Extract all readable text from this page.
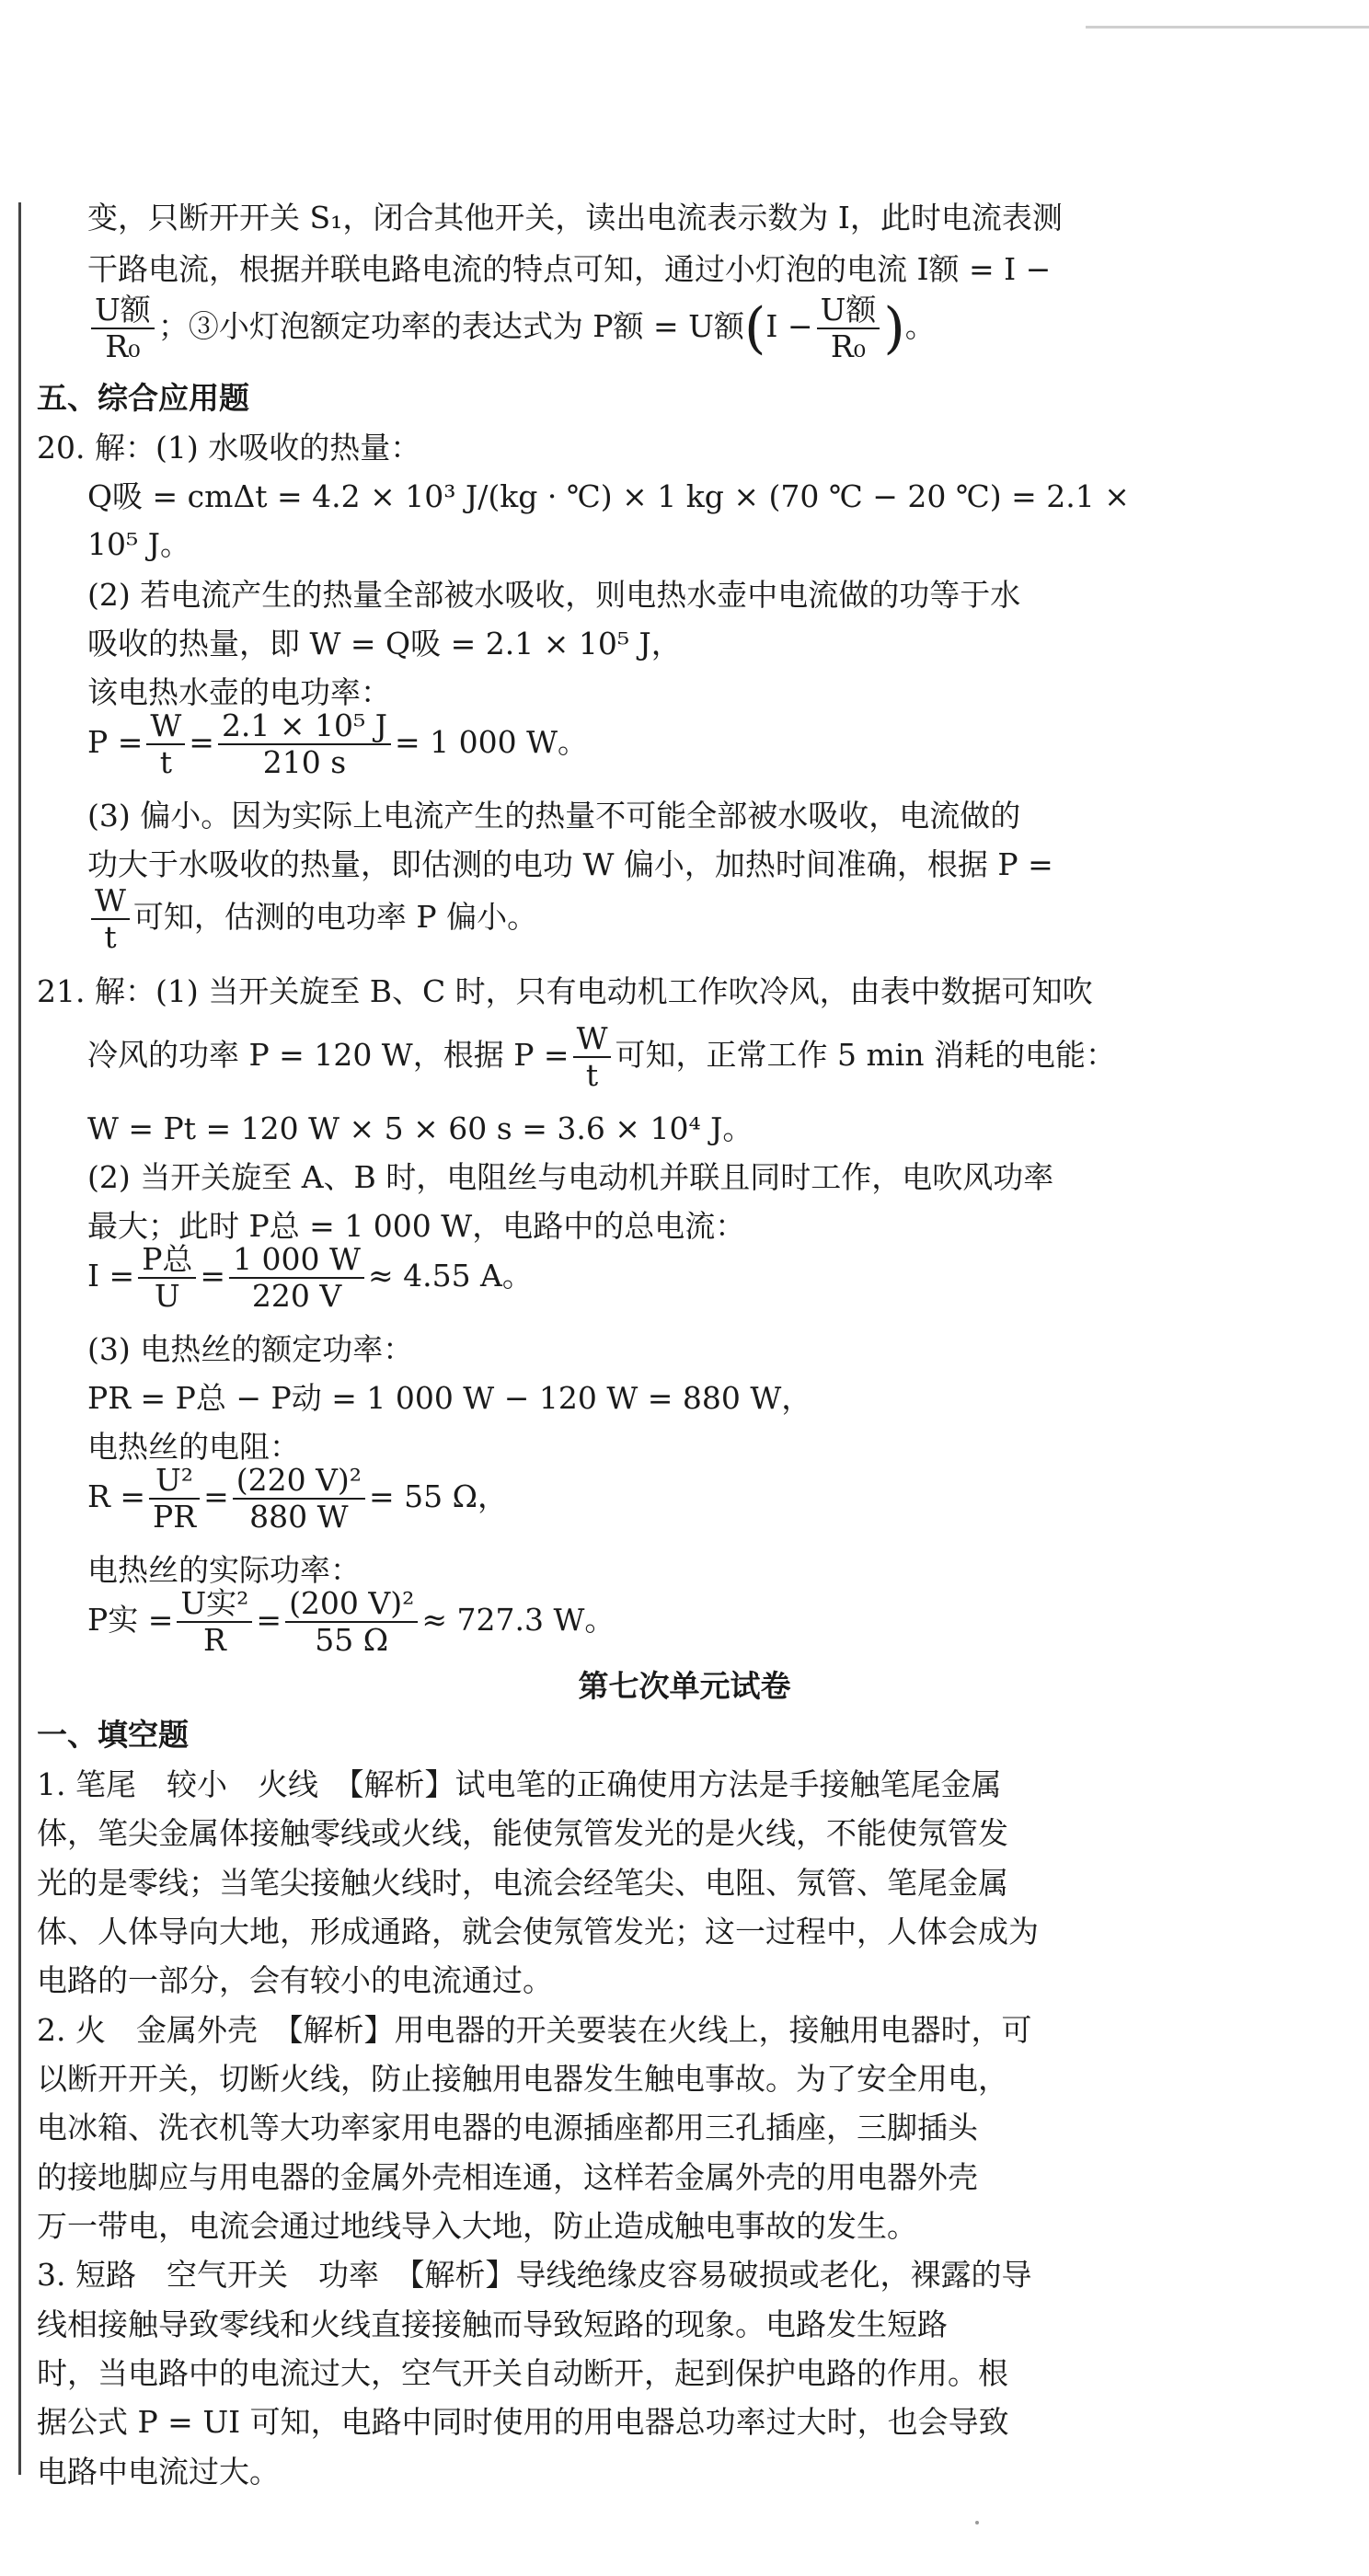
变，只断开开关 S₁，闭合其他开关，读出电流表示数为 I，此时电流表测
干路电流，根据并联电路电流的特点可知，通过小灯泡的电流 I额 = I −
$\frac{\text{U额}}{\text{R₀}}$ ；③小灯泡额定功率的表达式为 P额 = U额($I - \frac{\text{U额}}{\text{R₀}}$ )。
五、综合应用题
20. 解：(1) 水吸收的热量：
Q吸 = cmΔt = 4.2 × 10³ J/(kg · ℃) × 1 kg × (70 ℃ − 20 ℃) = 2.1 ×
10⁵ J。
(2) 若电流产生的热量全部被水吸收，则电热水壶中电流做的功等于水
吸收的热量，即 W = Q吸 = 2.1 × 10⁵ J，
该电热水壶的电功率：
$P = \frac{W}{t} = \frac{\text{2.1 × 10⁵ J}}{210 s} = 1$ 000 W。
(3) 偏小。因为实际上电流产生的热量不可能全部被水吸收，电流做的
功大于水吸收的热量，即估测的电功 W 偏小，加热时间准确，根据 P =
$\frac{W}{t}$ 可知，估测的电功率 P 偏小。
21. 解：(1) 当开关旋至 B、C 时，只有电动机工作吹冷风，由表中数据可知吹
冷风的功率 P = 120 W，根据 $P = \frac{W}{t}$ 可知，正常工作 5 min 消耗的电能：
W = Pt = 120 W × 5 × 60 s = 3.6 × 10⁴ J。
(2) 当开关旋至 A、B 时，电阻丝与电动机并联且同时工作，电吹风功率
最大；此时 P总 = 1 000 W，电路中的总电流：
$I = \frac{\text{P总}}{U} = \frac{1 000 W}{220 V} \approx 4.55$ A。
(3) 电热丝的额定功率：
PR = P总 − P动 = 1 000 W − 120 W = 880 W，
电热丝的电阻：
$R = \frac{\text{U²}}{PR} = \frac{\text{(220 V)²}}{880 W} = 55$ Ω，
电热丝的实际功率：
P实 = $\frac{\text{U实²}}{R} = \frac{\text{(200 V)²}}{55 \Omega} \approx 727.3$ W。
第七次单元试卷
一、填空题
1. 笔尾　较小　火线　【解析】试电笔的正确使用方法是手接触笔尾金属
体，笔尖金属体接触零线或火线，能使氖管发光的是火线，不能使氖管发
光的是零线；当笔尖接触火线时，电流会经笔尖、电阻、氖管、笔尾金属
体、人体导向大地，形成通路，就会使氖管发光；这一过程中，人体会成为
电路的一部分，会有较小的电流通过。
2. 火　金属外壳　【解析】用电器的开关要装在火线上，接触用电器时，可
以断开开关，切断火线，防止接触用电器发生触电事故。为了安全用电，
电冰箱、洗衣机等大功率家用电器的电源插座都用三孔插座，三脚插头
的接地脚应与用电器的金属外壳相连通，这样若金属外壳的用电器外壳
万一带电，电流会通过地线导入大地，防止造成触电事故的发生。
3. 短路　空气开关　功率　【解析】导线绝缘皮容易破损或老化，裸露的导
线相接触导致零线和火线直接接触而导致短路的现象。电路发生短路
时，当电路中的电流过大，空气开关自动断开，起到保护电路的作用。根
据公式 P = UI 可知，电路中同时使用的用电器总功率过大时，也会导致
电路中电流过大。
